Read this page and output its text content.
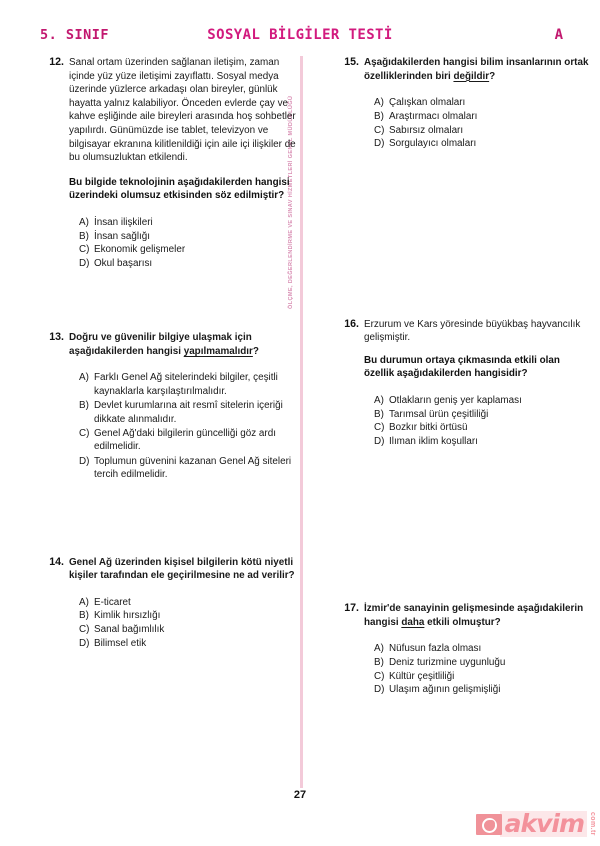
5. SINIF	SOSYAL BİLGİLER TESTİ	A
ÖLÇME, DEĞERLENDİRME VE SINAV HİZMETLERİ GENEL MÜDÜRLÜĞÜ
12. Sanal ortam üzerinden sağlanan iletişim, zaman içinde yüz yüze iletişimi zayıflattı. Sosyal medya üzerinde yüzlerce arkadaşı olan bireyler, günlük hayatta yalnız kalabiliyor. Önceden evlerde çay ve kahve eşliğinde aile bireyleri arasında hoş sohbetler yapılırdı. Günümüzde ise tablet, televizyon ve bilgisayar ekranına kilitlenildiği için aile içi ilişkiler de bu olumsuzluktan etkilendi.
Bu bilgide teknolojinin aşağıdakilerden hangisi üzerindeki olumsuz etkisinden söz edilmiştir?
A) İnsan ilişkileri
B) İnsan sağlığı
C) Ekonomik gelişmeler
D) Okul başarısı
13. Doğru ve güvenilir bilgiye ulaşmak için aşağıdakilerden hangisi yapılmamalıdır?
A) Farklı Genel Ağ sitelerindeki bilgiler, çeşitli kaynaklarla karşılaştırılmalıdır.
B) Devlet kurumlarına ait resmî sitelerin içeriği dikkate alınmalıdır.
C) Genel Ağ'daki bilgilerin güncelliği göz ardı edilmelidir.
D) Toplumun güvenini kazanan Genel Ağ siteleri tercih edilmelidir.
14. Genel Ağ üzerinden kişisel bilgilerin kötü niyetli kişiler tarafından ele geçirilmesine ne ad verilir?
A) E-ticaret
B) Kimlik hırsızlığı
C) Sanal bağımlılık
D) Bilimsel etik
15. Aşağıdakilerden hangisi bilim insanlarının ortak özelliklerinden biri değildir?
A) Çalışkan olmaları
B) Araştırmacı olmaları
C) Sabırsız olmaları
D) Sorgulayıcı olmaları
16. Erzurum ve Kars yöresinde büyükbaş hayvancılık gelişmiştir.
Bu durumun ortaya çıkmasında etkili olan özellik aşağıdakilerden hangisidir?
A) Otlakların geniş yer kaplaması
B) Tarımsal ürün çeşitliliği
C) Bozkır bitki örtüsü
D) Ilıman iklim koşulları
17. İzmir'de sanayinin gelişmesinde aşağıdakilerin hangisi daha etkili olmuştur?
A) Nüfusun fazla olması
B) Deniz turizmine uygunluğu
C) Kültür çeşitliliği
D) Ulaşım ağının gelişmişliği
27
akvim com.tr
